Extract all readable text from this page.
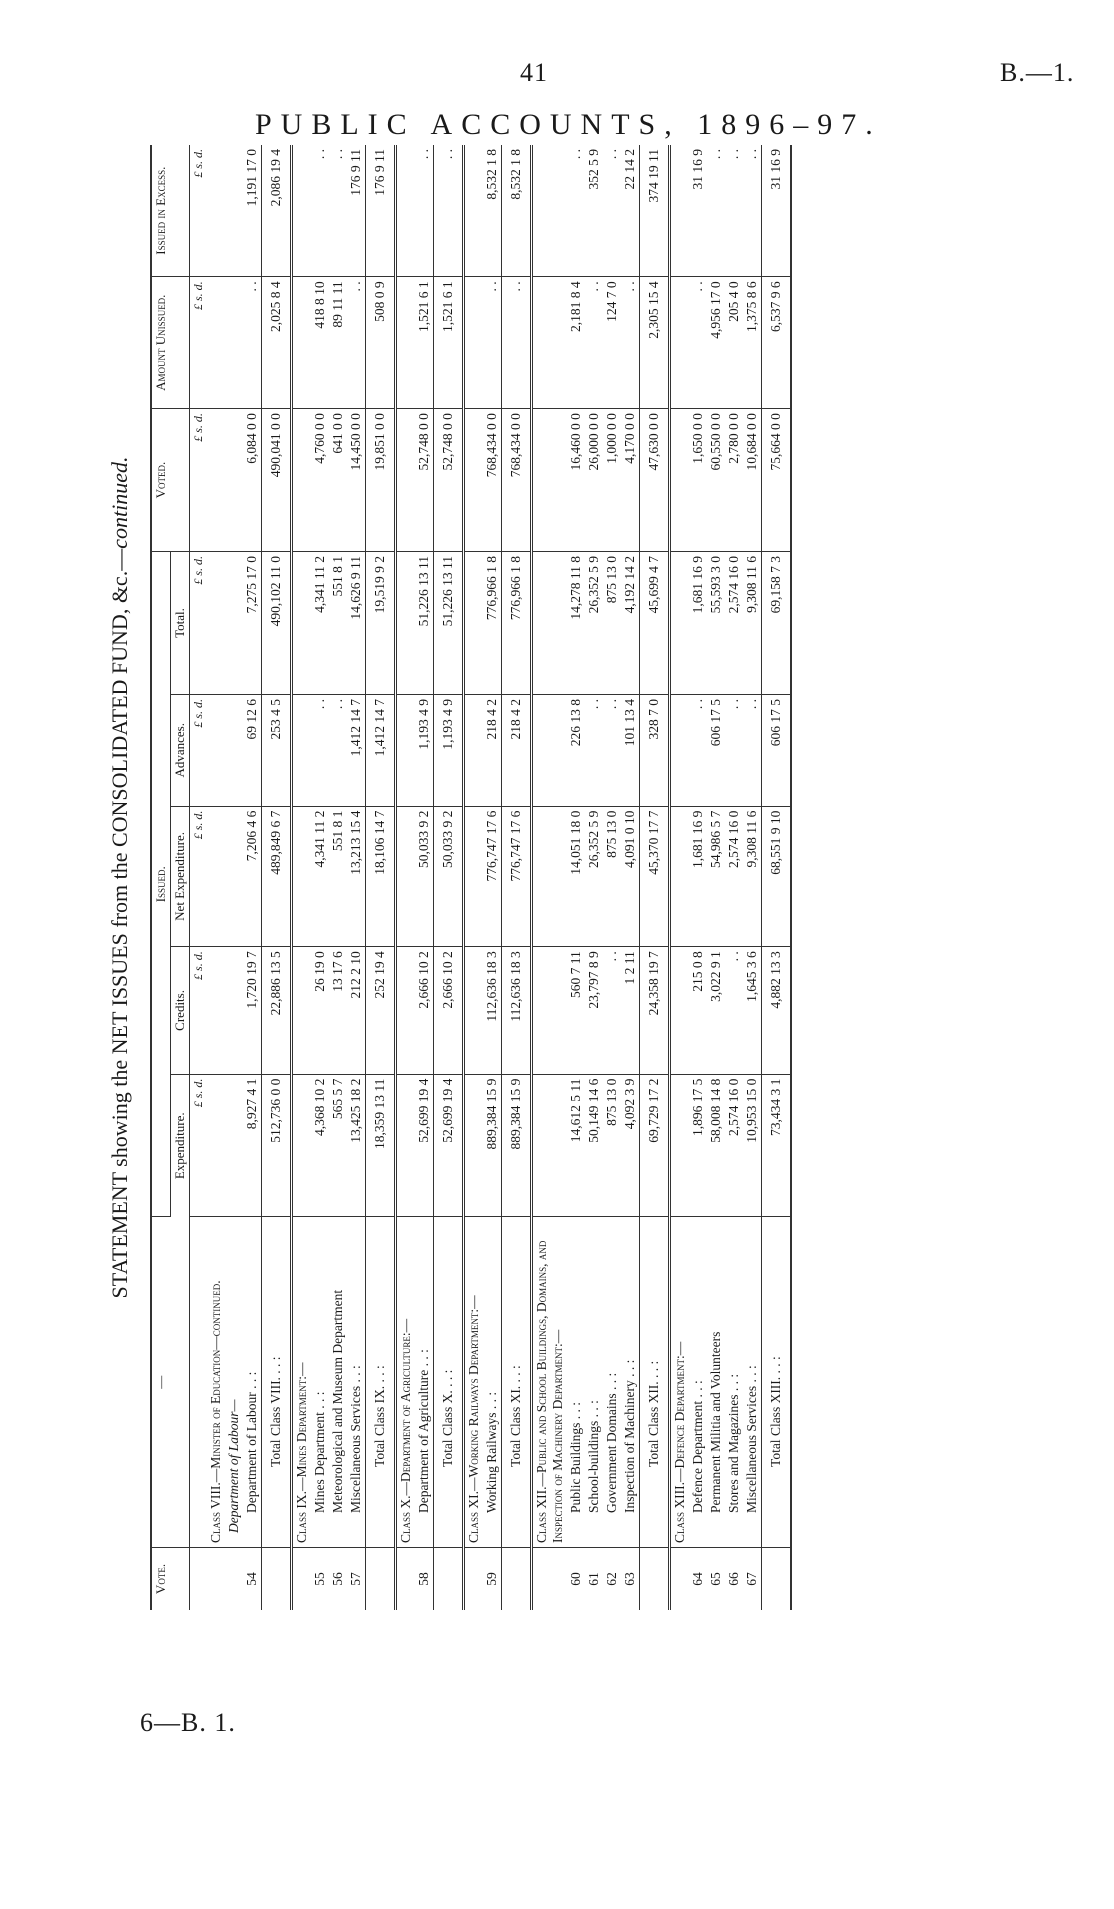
41	B.—1.
PUBLIC ACCOUNTS, 1896–97.
STATEMENT showing the NET ISSUES from the CONSOLIDATED FUND, &c.—continued.
Vote.	—	Issued.					Voted.	Amount Unissued.	Issued in Excess.
		Expenditure.	Credits.	Net Expenditure.	Advances.	Total.			
		£ s. d.	£ s. d.	£ s. d.	£ s. d.	£ s. d.	£ s. d.	£ s. d.	£ s. d.
	Class VIII.—Minister of Education—continued.								
	Department of Labour—								
54	Department of Labour . . :	8,927 4 1	1,720 19 7	7,206 4 6	69 12 6	7,275 17 0	6,084 0 0	. .	1,191 17 0
	Total Class VIII. . . :	512,736 0 0	22,886 13 5	489,849 6 7	253 4 5	490,102 11 0	490,041 0 0	2,025 8 4	2,086 19 4
	Class IX.—Mines Department:—								
55	Mines Department . . :	4,368 10 2	26 19 0	4,341 11 2	. .	4,341 11 2	4,760 0 0	418 8 10	. .
56	Meteorological and Museum Department	565 5 7	13 17 6	551 8 1	. .	551 8 1	641 0 0	89 11 11	. .
57	Miscellaneous Services . . :	13,425 18 2	212 2 10	13,213 15 4	1,412 14 7	14,626 9 11	14,450 0 0	. .	176 9 11
	Total Class IX. . . :	18,359 13 11	252 19 4	18,106 14 7	1,412 14 7	19,519 9 2	19,851 0 0	508 0 9	176 9 11
	Class X.—Department of Agriculture:—								
58	Department of Agriculture . . :	52,699 19 4	2,666 10 2	50,033 9 2	1,193 4 9	51,226 13 11	52,748 0 0	1,521 6 1	. .
	Total Class X. . . :	52,699 19 4	2,666 10 2	50,033 9 2	1,193 4 9	51,226 13 11	52,748 0 0	1,521 6 1	. .
	Class XI.—Working Railways Department:—								
59	Working Railways . . :	889,384 15 9	112,636 18 3	776,747 17 6	218 4 2	776,966 1 8	768,434 0 0	. .	8,532 1 8
	Total Class XI. . . :	889,384 15 9	112,636 18 3	776,747 17 6	218 4 2	776,966 1 8	768,434 0 0	. .	8,532 1 8
	Class XII.—Public and School Buildings, Domains, and Inspection of Machinery Department:—								
60	Public Buildings . . :	14,612 5 11	560 7 11	14,051 18 0	226 13 8	14,278 11 8	16,460 0 0	2,181 8 4	. .
61	School-buildings . . :	50,149 14 6	23,797 8 9	26,352 5 9	. .	26,352 5 9	26,000 0 0	. .	352 5 9
62	Government Domains . . :	875 13 0	. .	875 13 0	. .	875 13 0	1,000 0 0	124 7 0	. .
63	Inspection of Machinery . . :	4,092 3 9	1 2 11	4,091 0 10	101 13 4	4,192 14 2	4,170 0 0	. .	22 14 2
	Total Class XII. . . :	69,729 17 2	24,358 19 7	45,370 17 7	328 7 0	45,699 4 7	47,630 0 0	2,305 15 4	374 19 11
	Class XIII.—Defence Department:—								
64	Defence Department . . :	1,896 17 5	215 0 8	1,681 16 9	. .	1,681 16 9	1,650 0 0	. .	31 16 9
65	Permanent Militia and Volunteers	58,008 14 8	3,022 9 1	54,986 5 7	606 17 5	55,593 3 0	60,550 0 0	4,956 17 0	. .
66	Stores and Magazines . . :	2,574 16 0	. .	2,574 16 0	. .	2,574 16 0	2,780 0 0	205 4 0	. .
67	Miscellaneous Services . . :	10,953 15 0	1,645 3 6	9,308 11 6	. .	9,308 11 6	10,684 0 0	1,375 8 6	. .
	Total Class XIII. . . :	73,434 3 1	4,882 13 3	68,551 9 10	606 17 5	69,158 7 3	75,664 0 0	6,537 9 6	31 16 9
6—B. 1.
